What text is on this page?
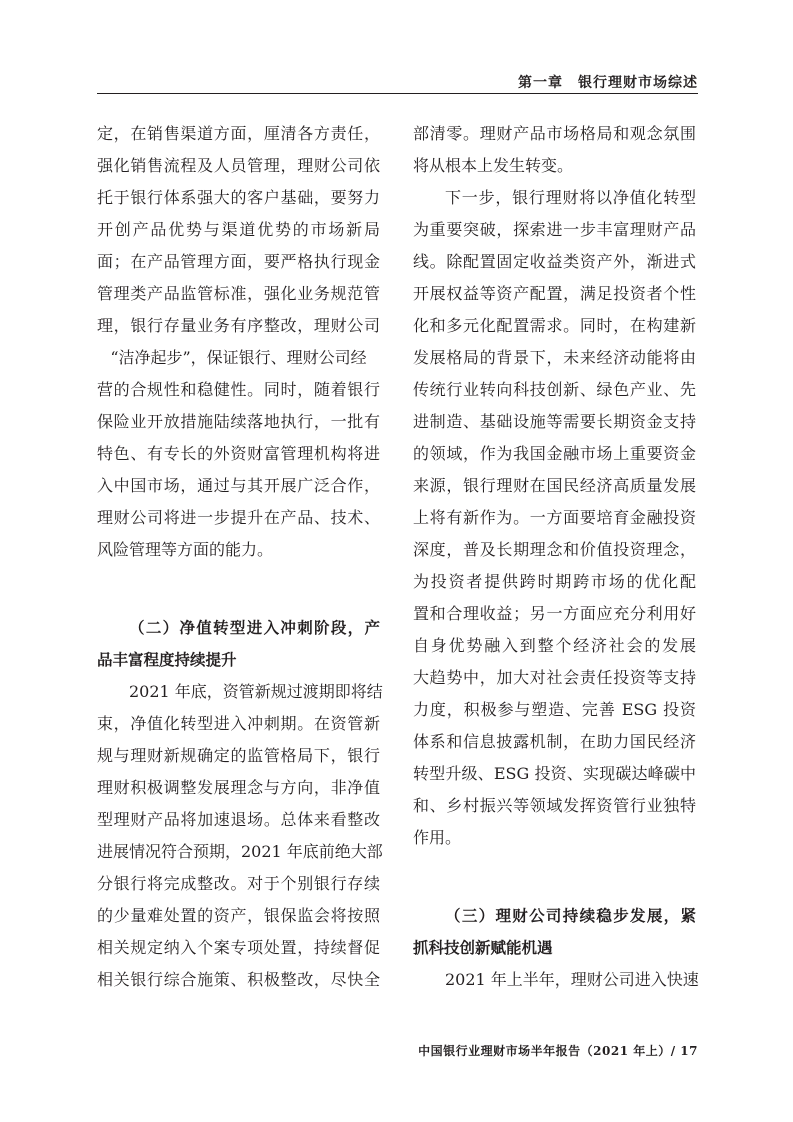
第一章　银行理财市场综述
定，在销售渠道方面，厘清各方责任，
强化销售流程及人员管理，理财公司依
托于银行体系强大的客户基础，要努力
开创产品优势与渠道优势的市场新局
面；在产品管理方面，要严格执行现金
管理类产品监管标准，强化业务规范管
理，银行存量业务有序整改，理财公司
“洁净起步”，保证银行、理财公司经
营的合规性和稳健性。同时，随着银行
保险业开放措施陆续落地执行，一批有
特色、有专长的外资财富管理机构将进
入中国市场，通过与其开展广泛合作，
理财公司将进一步提升在产品、技术、
风险管理等方面的能力。
（二）净值转型进入冲刺阶段，产
品丰富程度持续提升
2021 年底，资管新规过渡期即将结
束，净值化转型进入冲刺期。在资管新
规与理财新规确定的监管格局下，银行
理财积极调整发展理念与方向，非净值
型理财产品将加速退场。总体来看整改
进展情况符合预期，2021 年底前绝大部
分银行将完成整改。对于个别银行存续
的少量难处置的资产，银保监会将按照
相关规定纳入个案专项处置，持续督促
相关银行综合施策、积极整改，尽快全
部清零。理财产品市场格局和观念氛围
将从根本上发生转变。
下一步，银行理财将以净值化转型
为重要突破，探索进一步丰富理财产品
线。除配置固定收益类资产外，渐进式
开展权益等资产配置，满足投资者个性
化和多元化配置需求。同时，在构建新
发展格局的背景下，未来经济动能将由
传统行业转向科技创新、绿色产业、先
进制造、基础设施等需要长期资金支持
的领域，作为我国金融市场上重要资金
来源，银行理财在国民经济高质量发展
上将有新作为。一方面要培育金融投资
深度，普及长期理念和价值投资理念，
为投资者提供跨时期跨市场的优化配
置和合理收益；另一方面应充分利用好
自身优势融入到整个经济社会的发展
大趋势中，加大对社会责任投资等支持
力度，积极参与塑造、完善 ESG 投资
体系和信息披露机制，在助力国民经济
转型升级、ESG 投资、实现碳达峰碳中
和、乡村振兴等领域发挥资管行业独特
作用。
（三）理财公司持续稳步发展，紧
抓科技创新赋能机遇
2021 年上半年，理财公司进入快速
中国银行业理财市场半年报告（2021 年上）/ 17
